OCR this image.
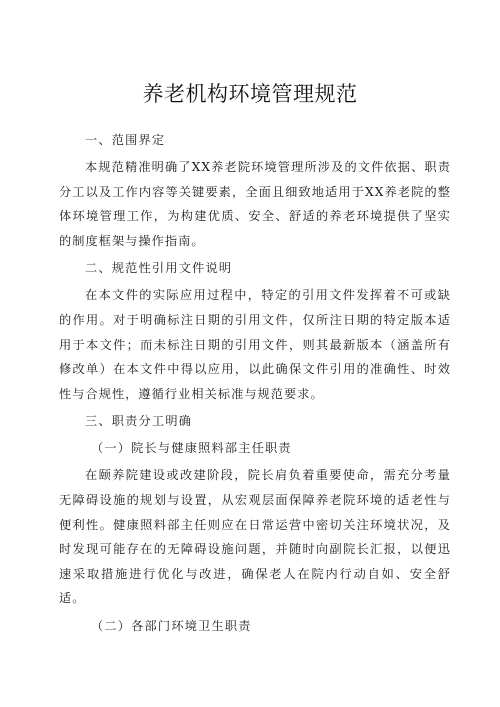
养老机构环境管理规范
一、范围界定

本规范精准明确了XX养老院环境管理所涉及的文件依据、职责分工以及工作内容等关键要素，全面且细致地适用于XX养老院的整体环境管理工作，为构建优质、安全、舒适的养老环境提供了坚实的制度框架与操作指南。

二、规范性引用文件说明

在本文件的实际应用过程中，特定的引用文件发挥着不可或缺的作用。对于明确标注日期的引用文件，仅所注日期的特定版本适用于本文件；而未标注日期的引用文件，则其最新版本（涵盖所有修改单）在本文件中得以应用，以此确保文件引用的准确性、时效性与合规性，遵循行业相关标准与规范要求。

三、职责分工明确
（一）院长与健康照料部主任职责

在颐养院建设或改建阶段，院长肩负着重要使命，需充分考量无障碍设施的规划与设置，从宏观层面保障养老院环境的适老性与便利性。健康照料部主任则应在日常运营中密切关注环境状况，及时发现可能存在的无障碍设施问题，并随时向副院长汇报，以便迅速采取措施进行优化与改进，确保老人在院内行动自如、安全舒适。

（二）各部门环境卫生职责
